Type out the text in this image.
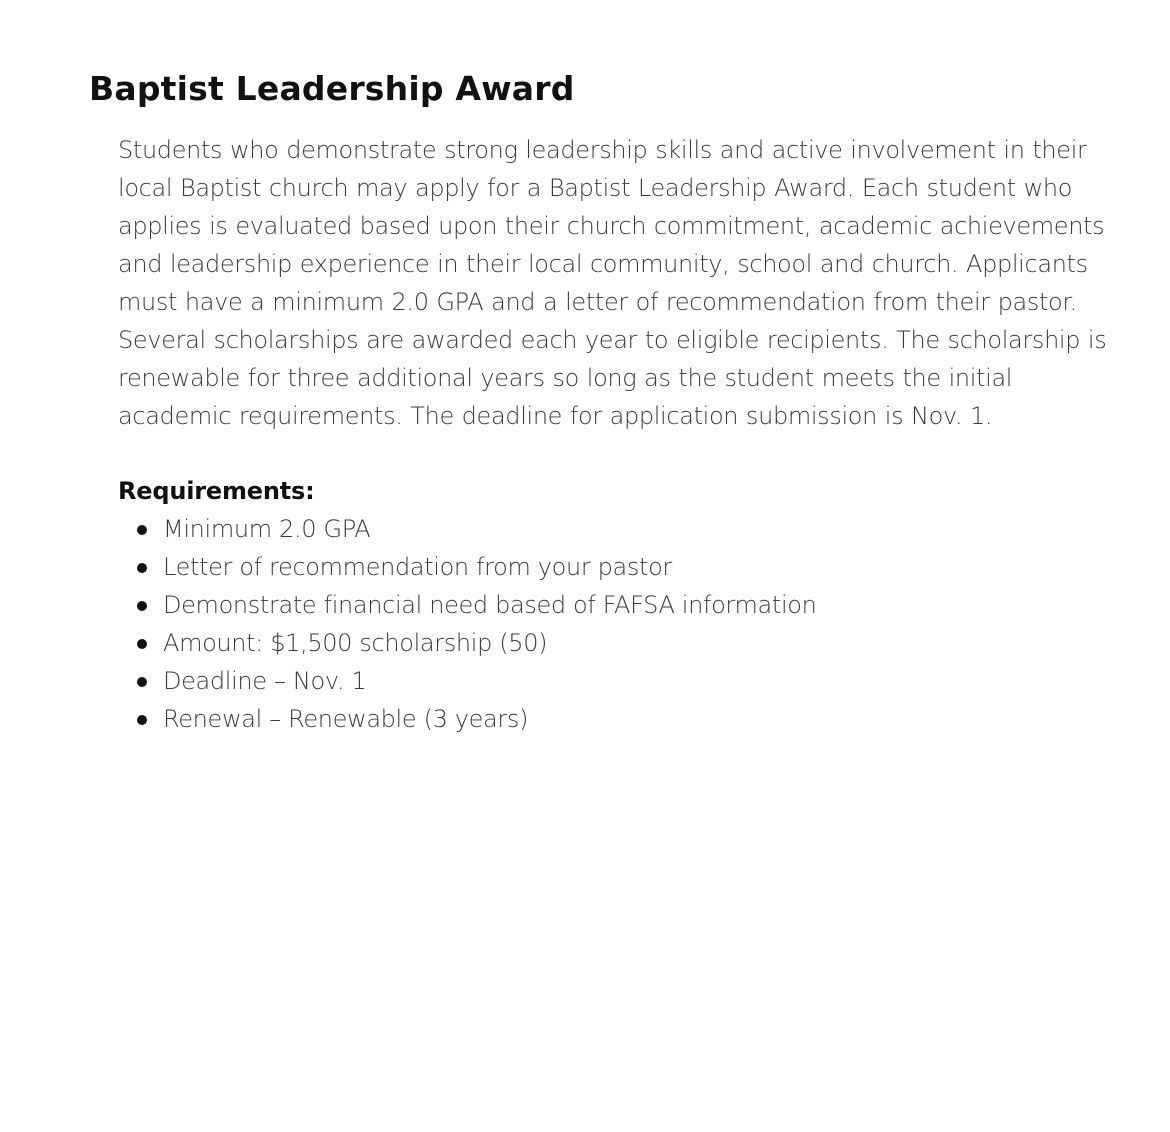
Baptist Leadership Award

Students who demonstrate strong leadership skills and active involvement in their local Baptist church may apply for a Baptist Leadership Award. Each student who applies is evaluated based upon their church commitment, academic achievements and leadership experience in their local community, school and church. Applicants must have a minimum 2.0 GPA and a letter of recommendation from their pastor. Several scholarships are awarded each year to eligible recipients. The scholarship is renewable for three additional years so long as the student meets the initial academic requirements. The deadline for application submission is Nov. 1.

Requirements:
Minimum 2.0 GPA
Letter of recommendation from your pastor
Demonstrate financial need based of FAFSA information
Amount: $1,500 scholarship (50)
Deadline – Nov. 1
Renewal – Renewable (3 years)
